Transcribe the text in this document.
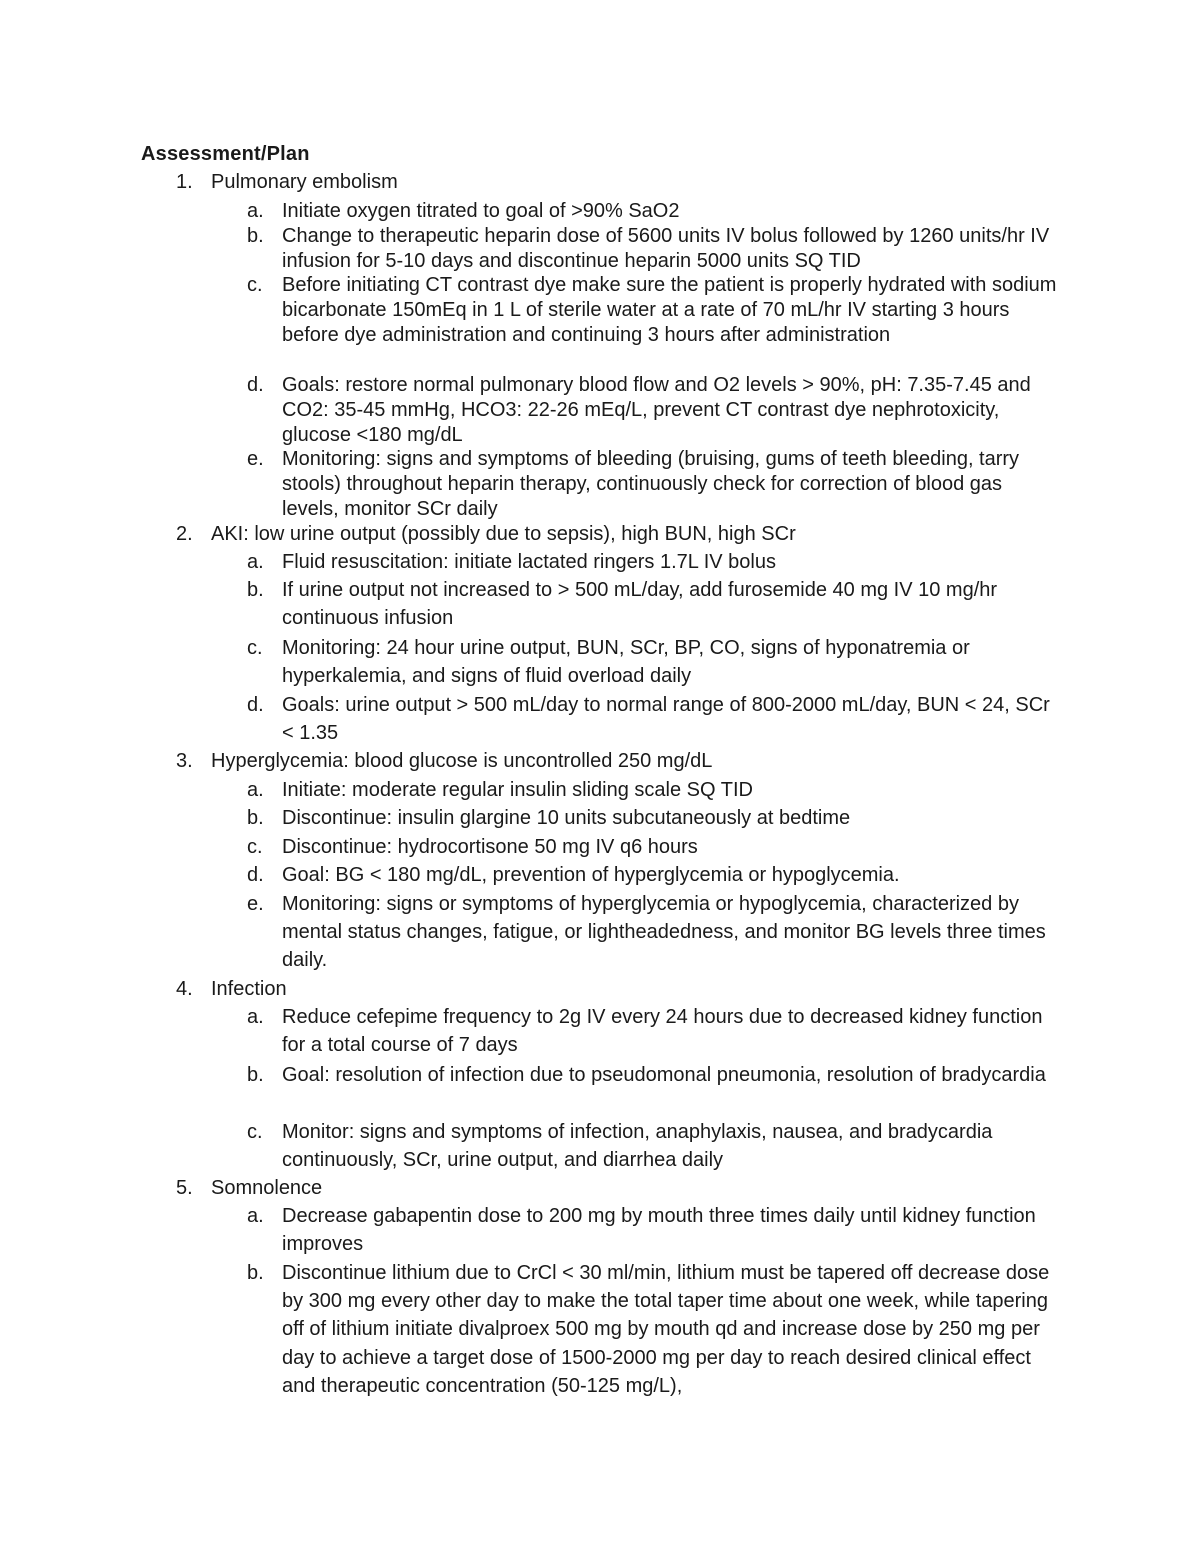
Assessment/Plan
1. Pulmonary embolism
a. Initiate oxygen titrated to goal of >90% SaO2
b. Change to therapeutic heparin dose of 5600 units IV bolus followed by 1260 units/hr IV infusion for 5-10 days and discontinue heparin 5000 units SQ TID
c. Before initiating CT contrast dye make sure the patient is properly hydrated with sodium bicarbonate 150mEq in 1 L of sterile water at a rate of 70 mL/hr IV starting 3 hours before dye administration and continuing 3 hours after administration
d. Goals: restore normal pulmonary blood flow and O2 levels > 90%, pH: 7.35-7.45 and CO2: 35-45 mmHg, HCO3: 22-26 mEq/L, prevent CT contrast dye nephrotoxicity, glucose <180 mg/dL
e. Monitoring: signs and symptoms of bleeding (bruising, gums of teeth bleeding, tarry stools) throughout heparin therapy, continuously check for correction of blood gas levels, monitor SCr daily
2. AKI: low urine output (possibly due to sepsis), high BUN, high SCr
a. Fluid resuscitation: initiate lactated ringers 1.7L IV bolus
b. If urine output not increased to > 500 mL/day, add furosemide 40 mg IV 10 mg/hr continuous infusion
c. Monitoring: 24 hour urine output, BUN, SCr, BP, CO, signs of hyponatremia or hyperkalemia, and signs of fluid overload daily
d. Goals: urine output > 500 mL/day to normal range of 800-2000 mL/day, BUN < 24, SCr < 1.35
3. Hyperglycemia: blood glucose is uncontrolled 250 mg/dL
a. Initiate: moderate regular insulin sliding scale SQ TID
b. Discontinue: insulin glargine 10 units subcutaneously at bedtime
c. Discontinue: hydrocortisone 50 mg IV q6 hours
d. Goal: BG < 180 mg/dL, prevention of hyperglycemia or hypoglycemia.
e. Monitoring: signs or symptoms of hyperglycemia or hypoglycemia, characterized by mental status changes, fatigue, or lightheadedness, and monitor BG levels three times daily.
4. Infection
a. Reduce cefepime frequency to 2g IV every 24 hours due to decreased kidney function for a total course of 7 days
b. Goal: resolution of infection due to pseudomonal pneumonia, resolution of bradycardia
c. Monitor: signs and symptoms of infection, anaphylaxis, nausea, and bradycardia continuously, SCr, urine output, and diarrhea daily
5. Somnolence
a. Decrease gabapentin dose to 200 mg by mouth three times daily until kidney function improves
b. Discontinue lithium due to CrCl < 30 ml/min, lithium must be tapered off decrease dose by 300 mg every other day to make the total taper time about one week, while tapering off of lithium initiate divalproex 500 mg by mouth qd and increase dose by 250 mg per day to achieve a target dose of 1500-2000 mg per day to reach desired clinical effect and therapeutic concentration (50-125 mg/L),
